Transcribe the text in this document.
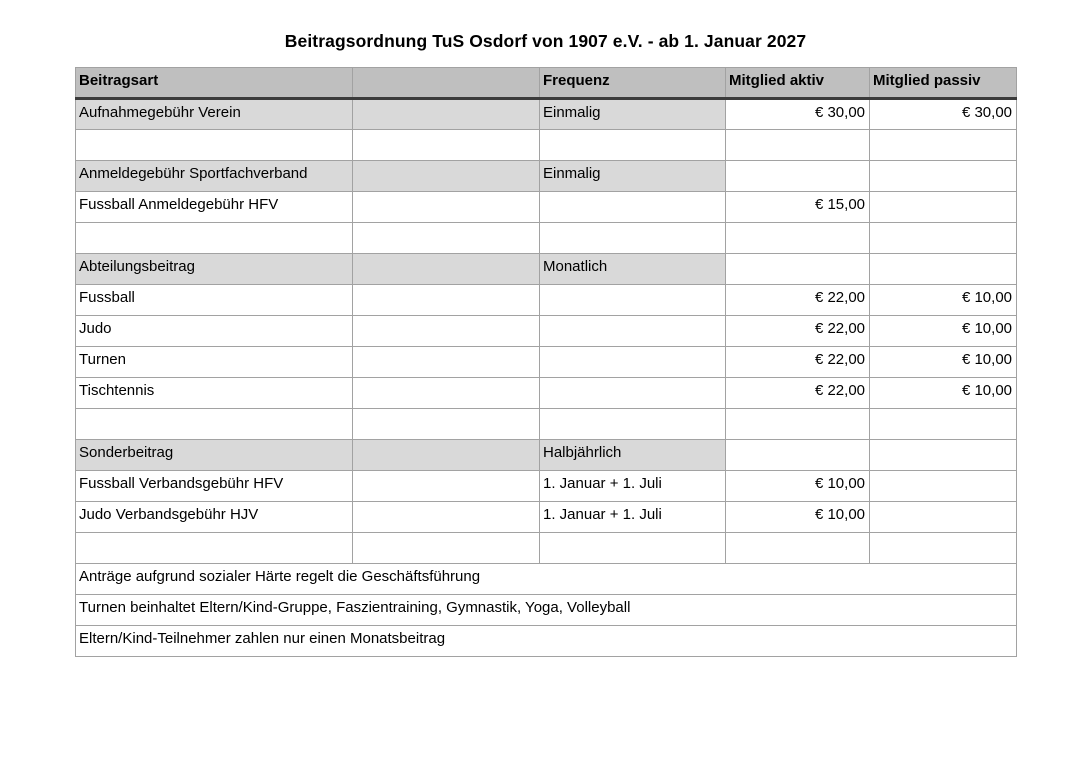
Beitragsordnung TuS Osdorf von 1907 e.V. - ab 1. Januar 2027
Beitragsart		Frequenz	Mitglied aktiv	Mitglied passiv
Aufnahmegebühr Verein		Einmalig	€ 30,00	€ 30,00

Anmeldegebühr Sportfachverband		Einmalig		
Fussball Anmeldegebühr HFV			€ 15,00	

Abteilungsbeitrag		Monatlich		
Fussball			€ 22,00	€ 10,00
Judo			€ 22,00	€ 10,00
Turnen			€ 22,00	€ 10,00
Tischtennis			€ 22,00	€ 10,00

Sonderbeitrag		Halbjährlich		
Fussball Verbandsgebühr HFV		1. Januar + 1. Juli	€ 10,00	
Judo Verbandsgebühr HJV		1. Januar + 1. Juli	€ 10,00	

Anträge aufgrund sozialer Härte regelt die Geschäftsführung				
Turnen beinhaltet Eltern/Kind-Gruppe, Faszientraining, Gymnastik, Yoga, Volleyball				
Eltern/Kind-Teilnehmer zahlen nur einen Monatsbeitrag				
